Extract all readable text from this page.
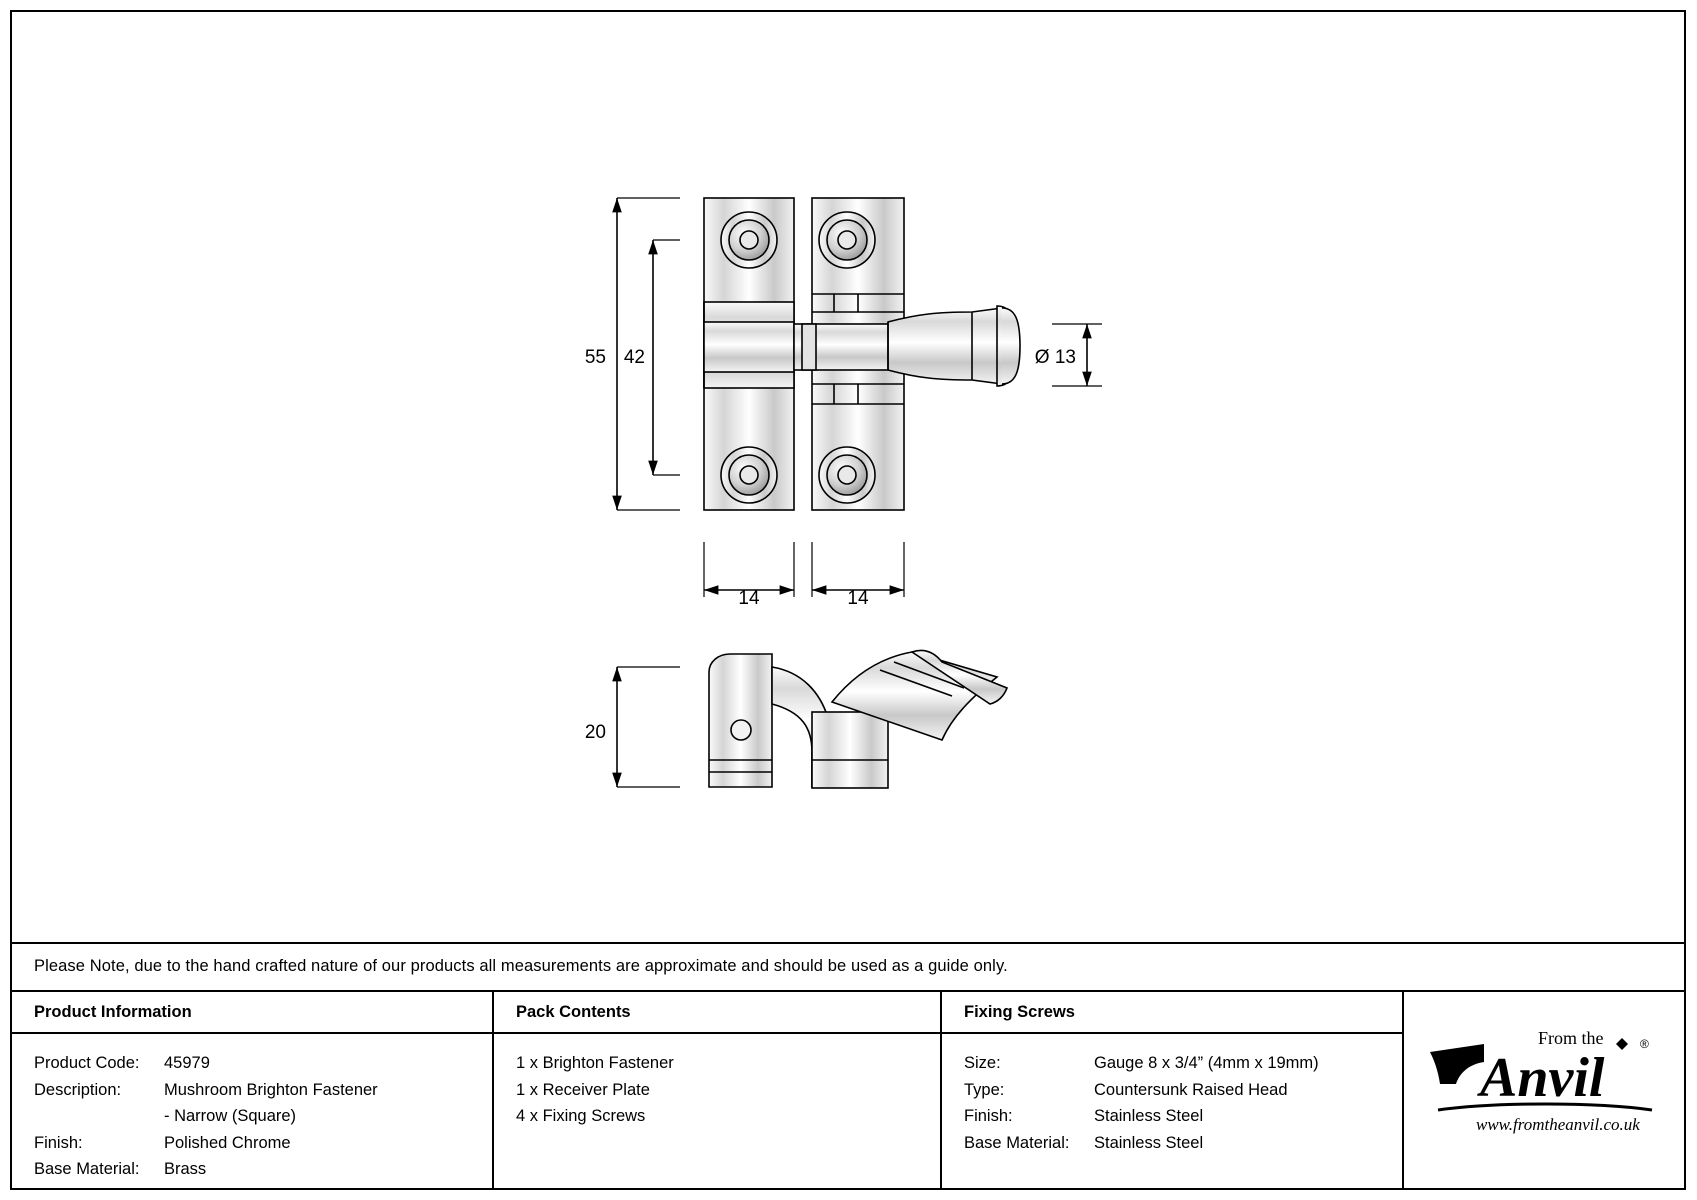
55 42	Ø 13
14	14
20
Please Note, due to the hand crafted nature of our products all measurements are approximate and should be used as a guide only.
Product Information
Product Code: 45979
Description:	Mushroom Brighton Fastener
- Narrow (Square)
Finish:	Polished Chrome
Base Material: Brass
Pack Contents
1 x Brighton Fastener
1 x Receiver Plate
4 x Fixing Screws
Fixing Screws
Size:	Gauge 8 x 3/4” (4mm x 19mm)
Type:	Countersunk Raised Head
Finish:	Stainless Steel
Base Material: Stainless Steel
From the
Anvil
®
www.fromtheanvil.co.uk
